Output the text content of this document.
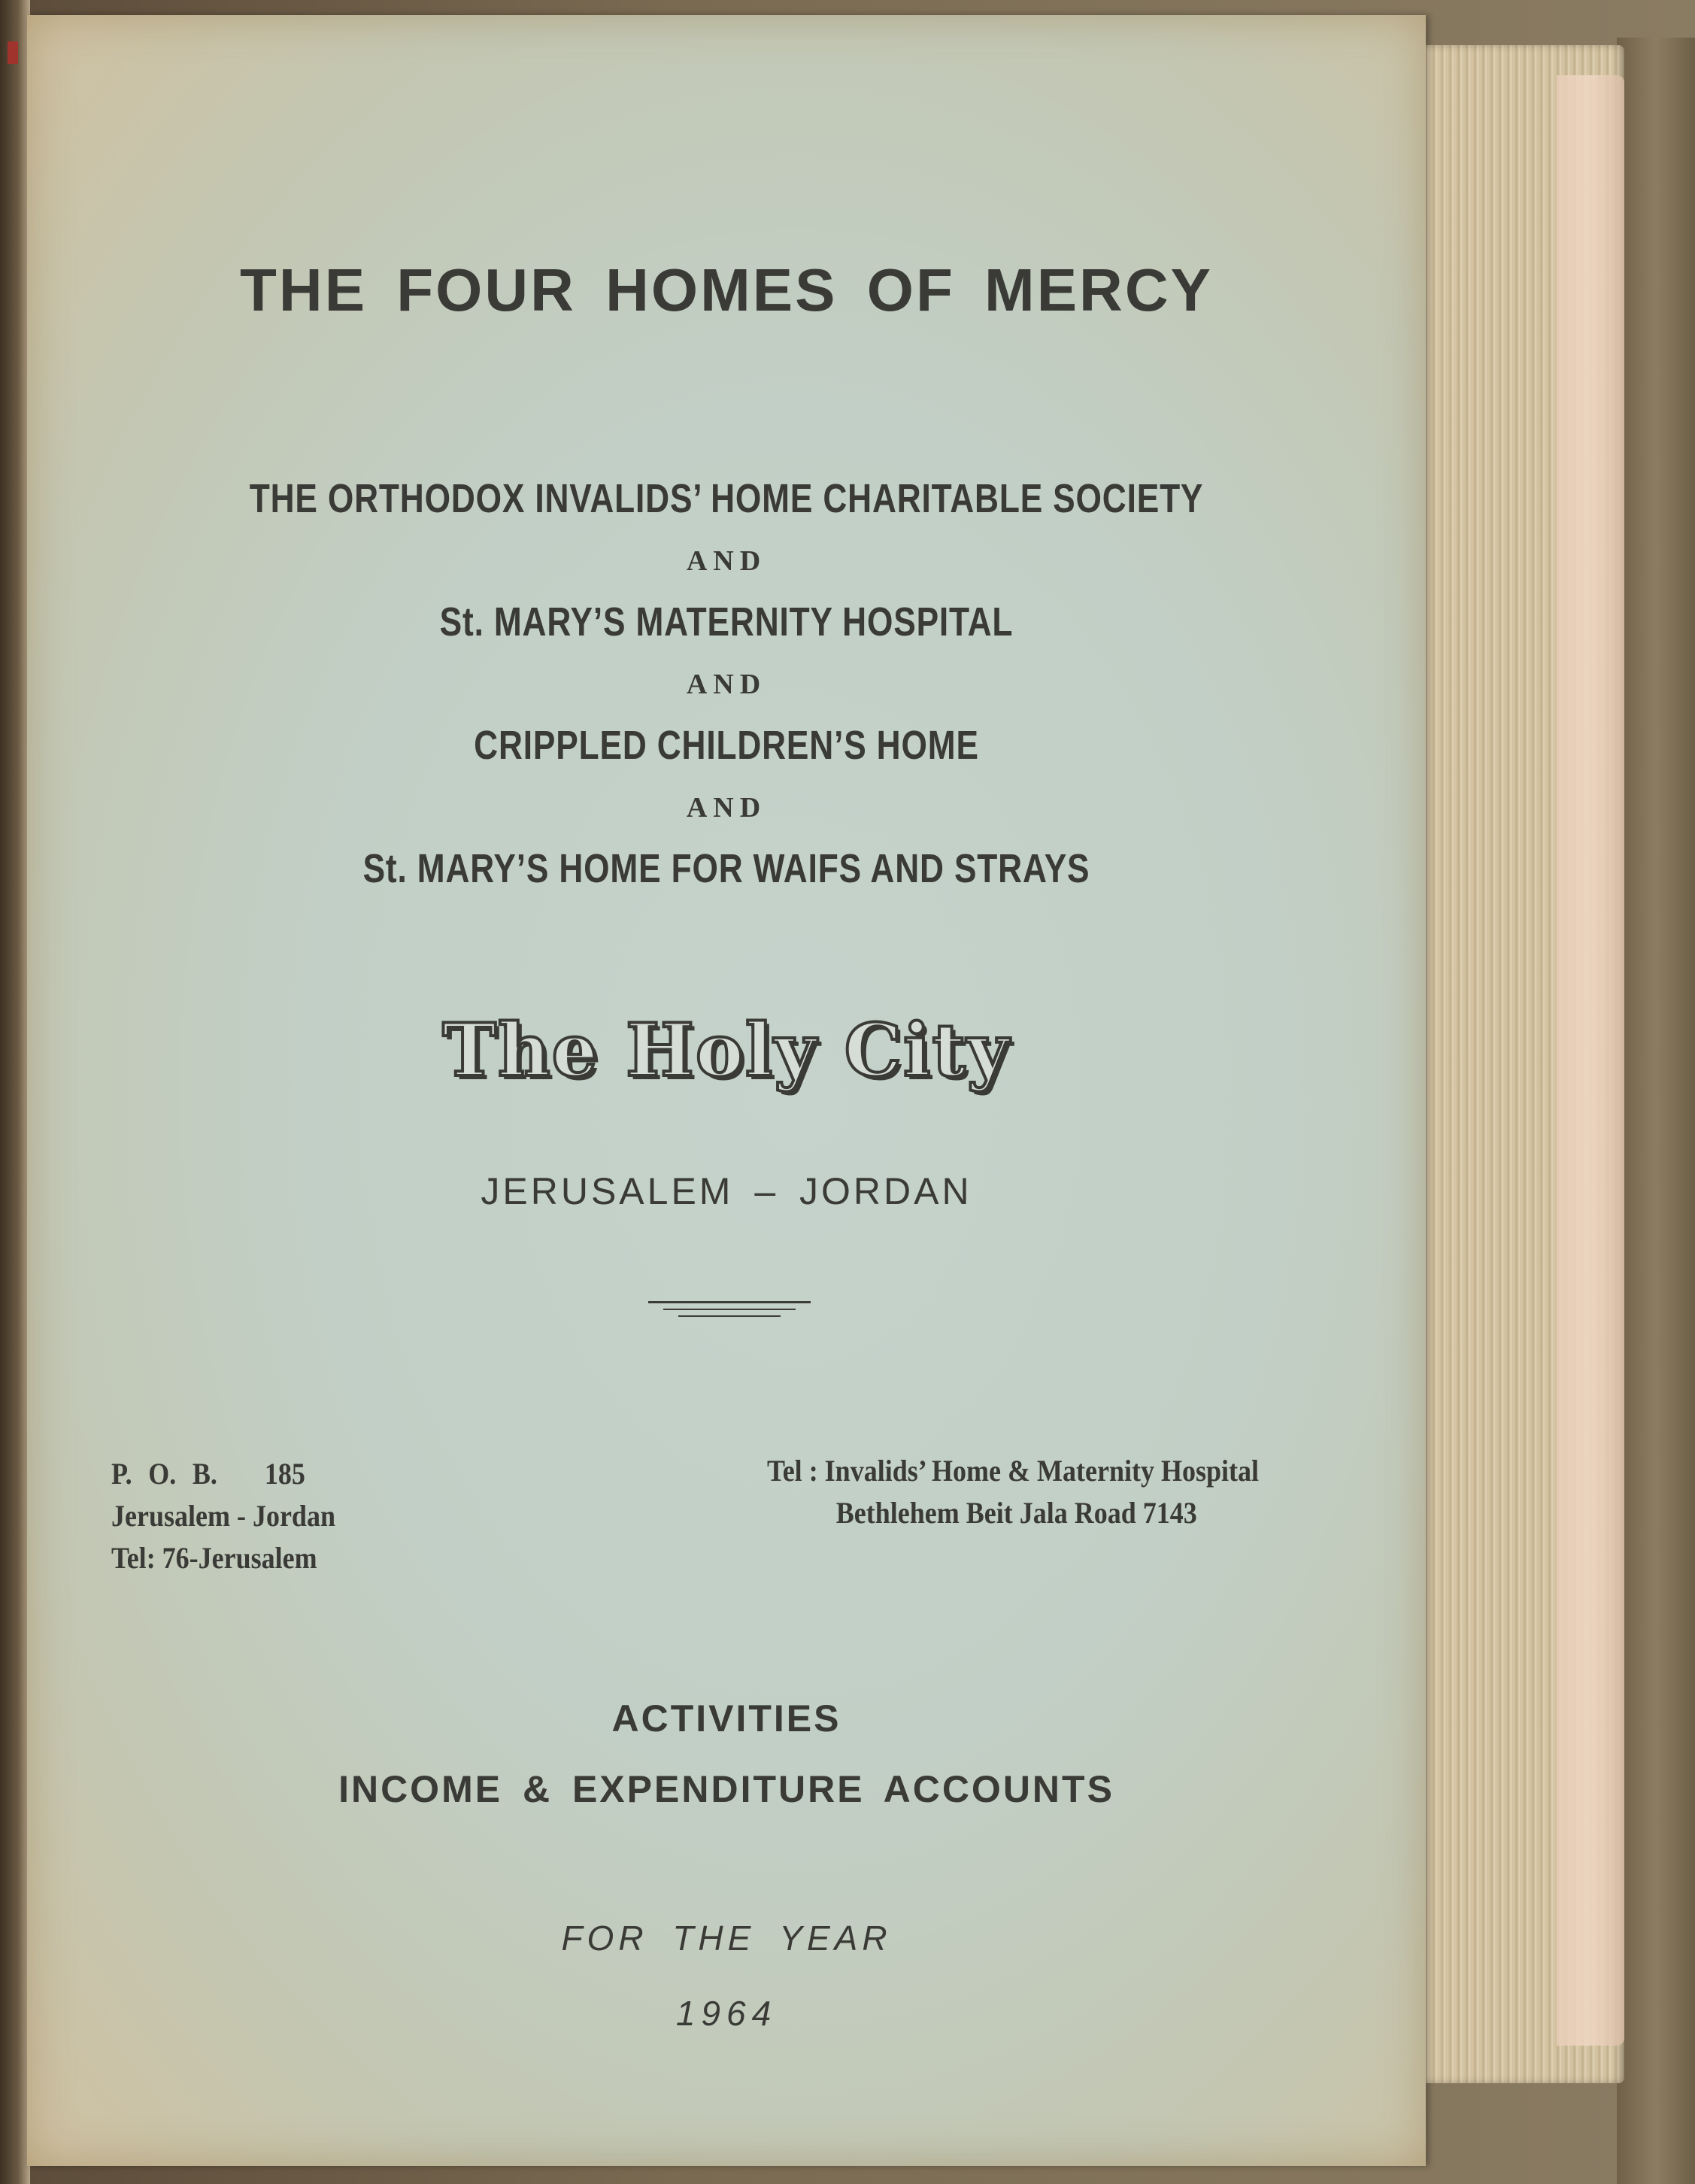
THE FOUR HOMES OF MERCY
THE ORTHODOX INVALIDS’ HOME CHARITABLE SOCIETY
AND
St. MARY’S MATERNITY HOSPITAL
AND
CRIPPLED CHILDREN’S HOME
AND
St. MARY’S HOME FOR WAIFS AND STRAYS
The Holy City
JERUSALEM – JORDAN
P. O. B. 185
Jerusalem - Jordan
Tel: 76-Jerusalem
Tel : Invalids’ Home & Maternity Hospital
Bethlehem Beit Jala Road 7143
ACTIVITIES
INCOME & EXPENDITURE ACCOUNTS
FOR THE YEAR
1964
